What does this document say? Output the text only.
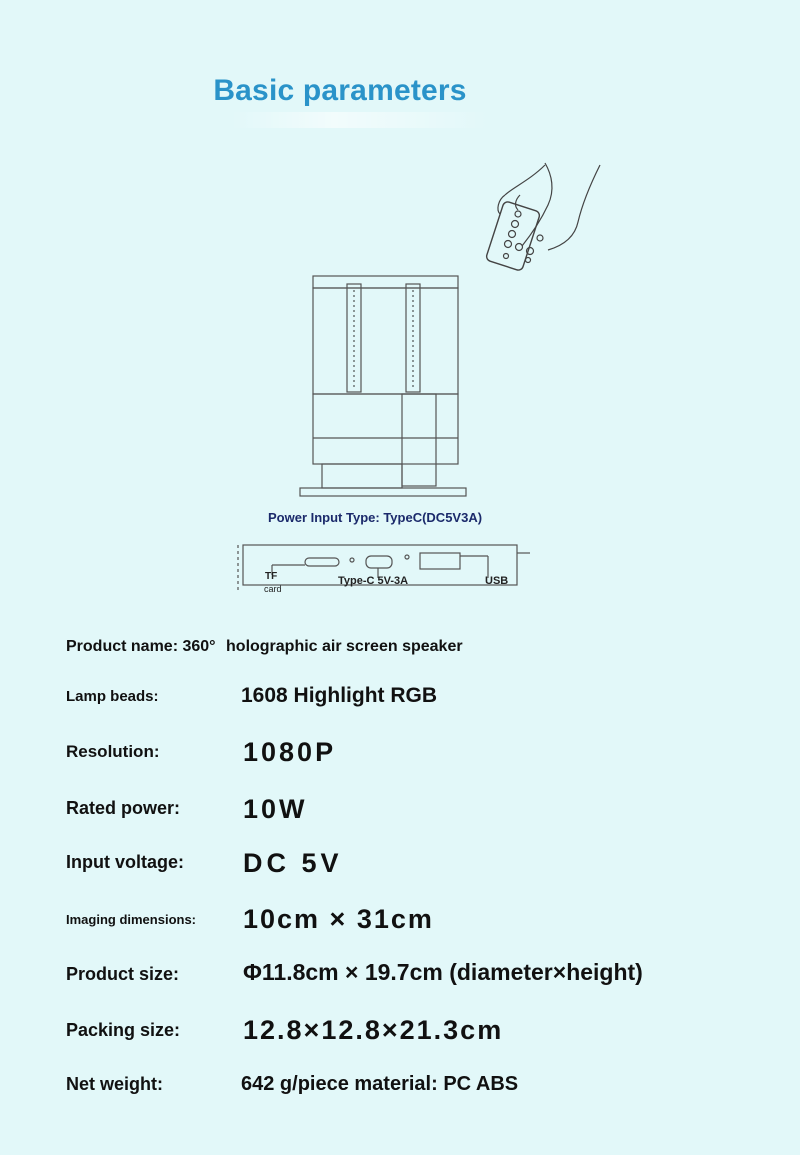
Basic parameters
Power Input Type: TypeC(DC5V3A)
TF
card
Type-C 5V-3A	USB
Product name: 360° holographic air screen speaker
Lamp beads:	1608 Highlight RGB
Resolution:	1080P
Rated power: 10W
Input voltage: DC 5V
Imaging dimensions: 10cm × 31cm
Product size:	Φ11.8cm × 19.7cm (diameter×height)
Packing size: 12.8×12.8×21.3cm
Net weight:	642 g/piece material: PC ABS
